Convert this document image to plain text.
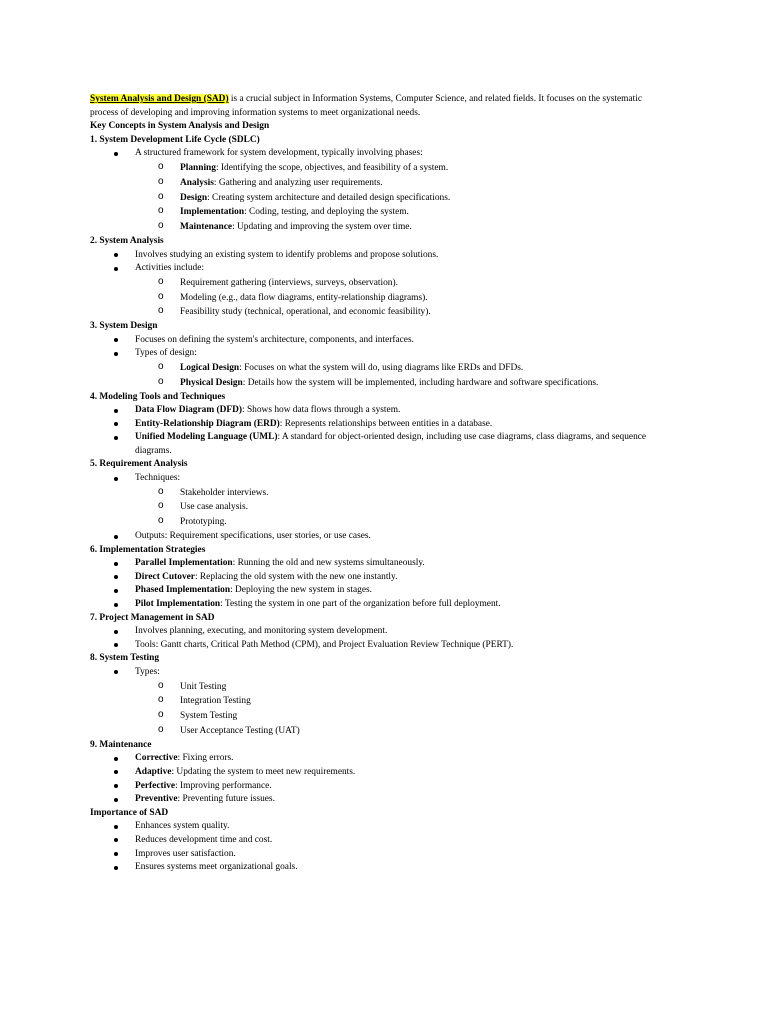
System Analysis and Design (SAD) is a crucial subject in Information Systems, Computer Science, and related fields. It focuses on the systematic process of developing and improving information systems to meet organizational needs.

Key Concepts in System Analysis and Design

1. System Development Life Cycle (SDLC)

A structured framework for system development, typically involving phases:
o Planning: Identifying the scope, objectives, and feasibility of a system.
o Analysis: Gathering and analyzing user requirements.
o Design: Creating system architecture and detailed design specifications.
o Implementation: Coding, testing, and deploying the system.
o Maintenance: Updating and improving the system over time.

2. System Analysis

Involves studying an existing system to identify problems and propose solutions.
Activities include:
o Requirement gathering (interviews, surveys, observation).
o Modeling (e.g., data flow diagrams, entity-relationship diagrams).
o Feasibility study (technical, operational, and economic feasibility).

3. System Design

Focuses on defining the system's architecture, components, and interfaces.
Types of design:
o Logical Design: Focuses on what the system will do, using diagrams like ERDs and DFDs.
o Physical Design: Details how the system will be implemented, including hardware and software specifications.

4. Modeling Tools and Techniques

Data Flow Diagram (DFD): Shows how data flows through a system.
Entity-Relationship Diagram (ERD): Represents relationships between entities in a database.
Unified Modeling Language (UML): A standard for object-oriented design, including use case diagrams, class diagrams, and sequence diagrams.

5. Requirement Analysis

Techniques:
o Stakeholder interviews.
o Use case analysis.
o Prototyping.
Outputs: Requirement specifications, user stories, or use cases.

6. Implementation Strategies

Parallel Implementation: Running the old and new systems simultaneously.
Direct Cutover: Replacing the old system with the new one instantly.
Phased Implementation: Deploying the new system in stages.
Pilot Implementation: Testing the system in one part of the organization before full deployment.

7. Project Management in SAD

Involves planning, executing, and monitoring system development.
Tools: Gantt charts, Critical Path Method (CPM), and Project Evaluation Review Technique (PERT).

8. System Testing

Types:
o Unit Testing
o Integration Testing
o System Testing
o User Acceptance Testing (UAT)

9. Maintenance

Corrective: Fixing errors.
Adaptive: Updating the system to meet new requirements.
Perfective: Improving performance.
Preventive: Preventing future issues.

Importance of SAD

Enhances system quality.
Reduces development time and cost.
Improves user satisfaction.
Ensures systems meet organizational goals.
